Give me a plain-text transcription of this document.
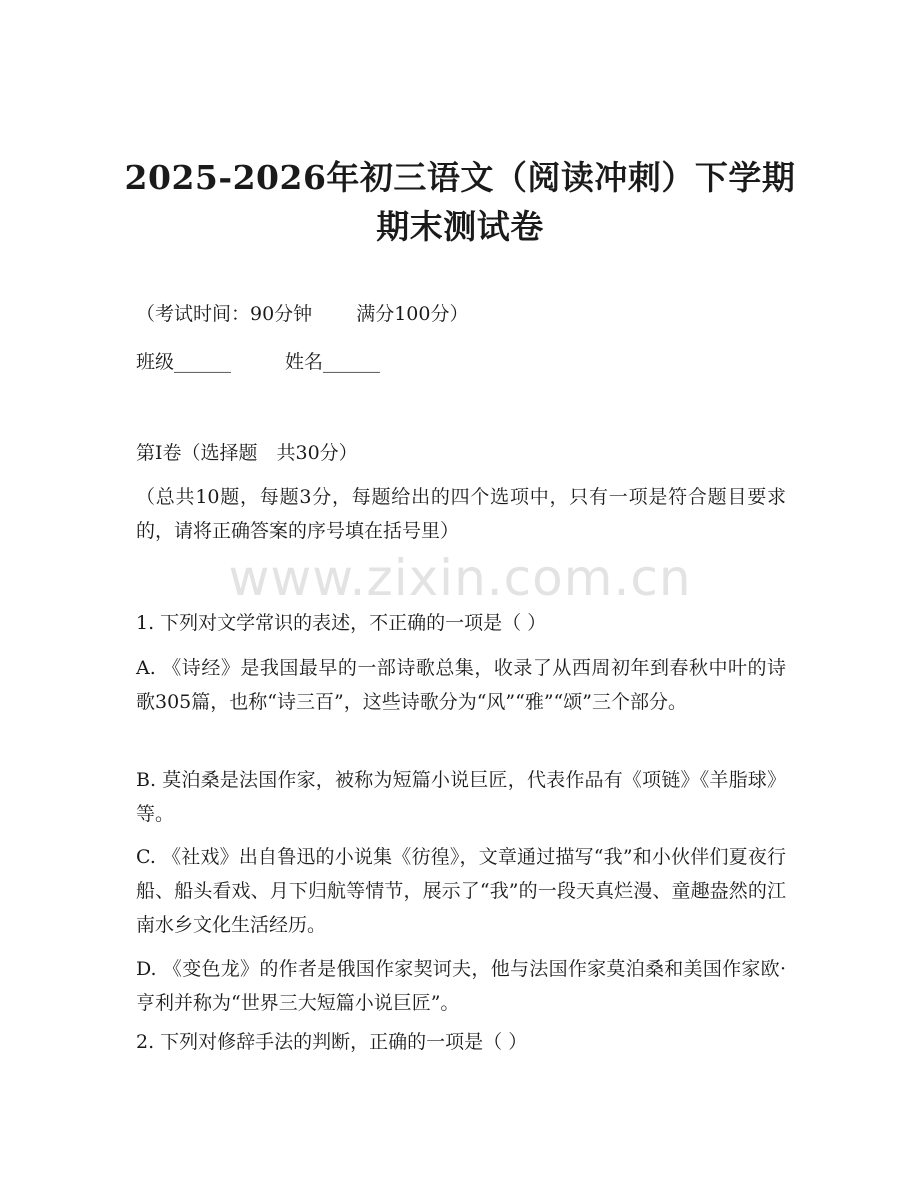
2025-2026年初三语文（阅读冲刺）下学期
期末测试卷
（考试时间：90分钟 满分100分）
班级______	姓名______
第Ⅰ卷（选择题　共30分）
（总共10题，每题3分，每题给出的四个选项中，只有一项是符合题目要求的，请将正确答案的序号填在括号里）
www.zixin.com.cn
1. 下列对文学常识的表述，不正确的一项是（ ）
A. 《诗经》是我国最早的一部诗歌总集，收录了从西周初年到春秋中叶的诗歌305篇，也称“诗三百”，这些诗歌分为“风”“雅”“颂”三个部分。
B. 莫泊桑是法国作家，被称为短篇小说巨匠，代表作品有《项链》《羊脂球》等。
C. 《社戏》出自鲁迅的小说集《彷徨》，文章通过描写“我”和小伙伴们夏夜行船、船头看戏、月下归航等情节，展示了“我”的一段天真烂漫、童趣盎然的江南水乡文化生活经历。
D. 《变色龙》的作者是俄国作家契诃夫，他与法国作家莫泊桑和美国作家欧·亨利并称为“世界三大短篇小说巨匠”。
2. 下列对修辞手法的判断，正确的一项是（ ）
